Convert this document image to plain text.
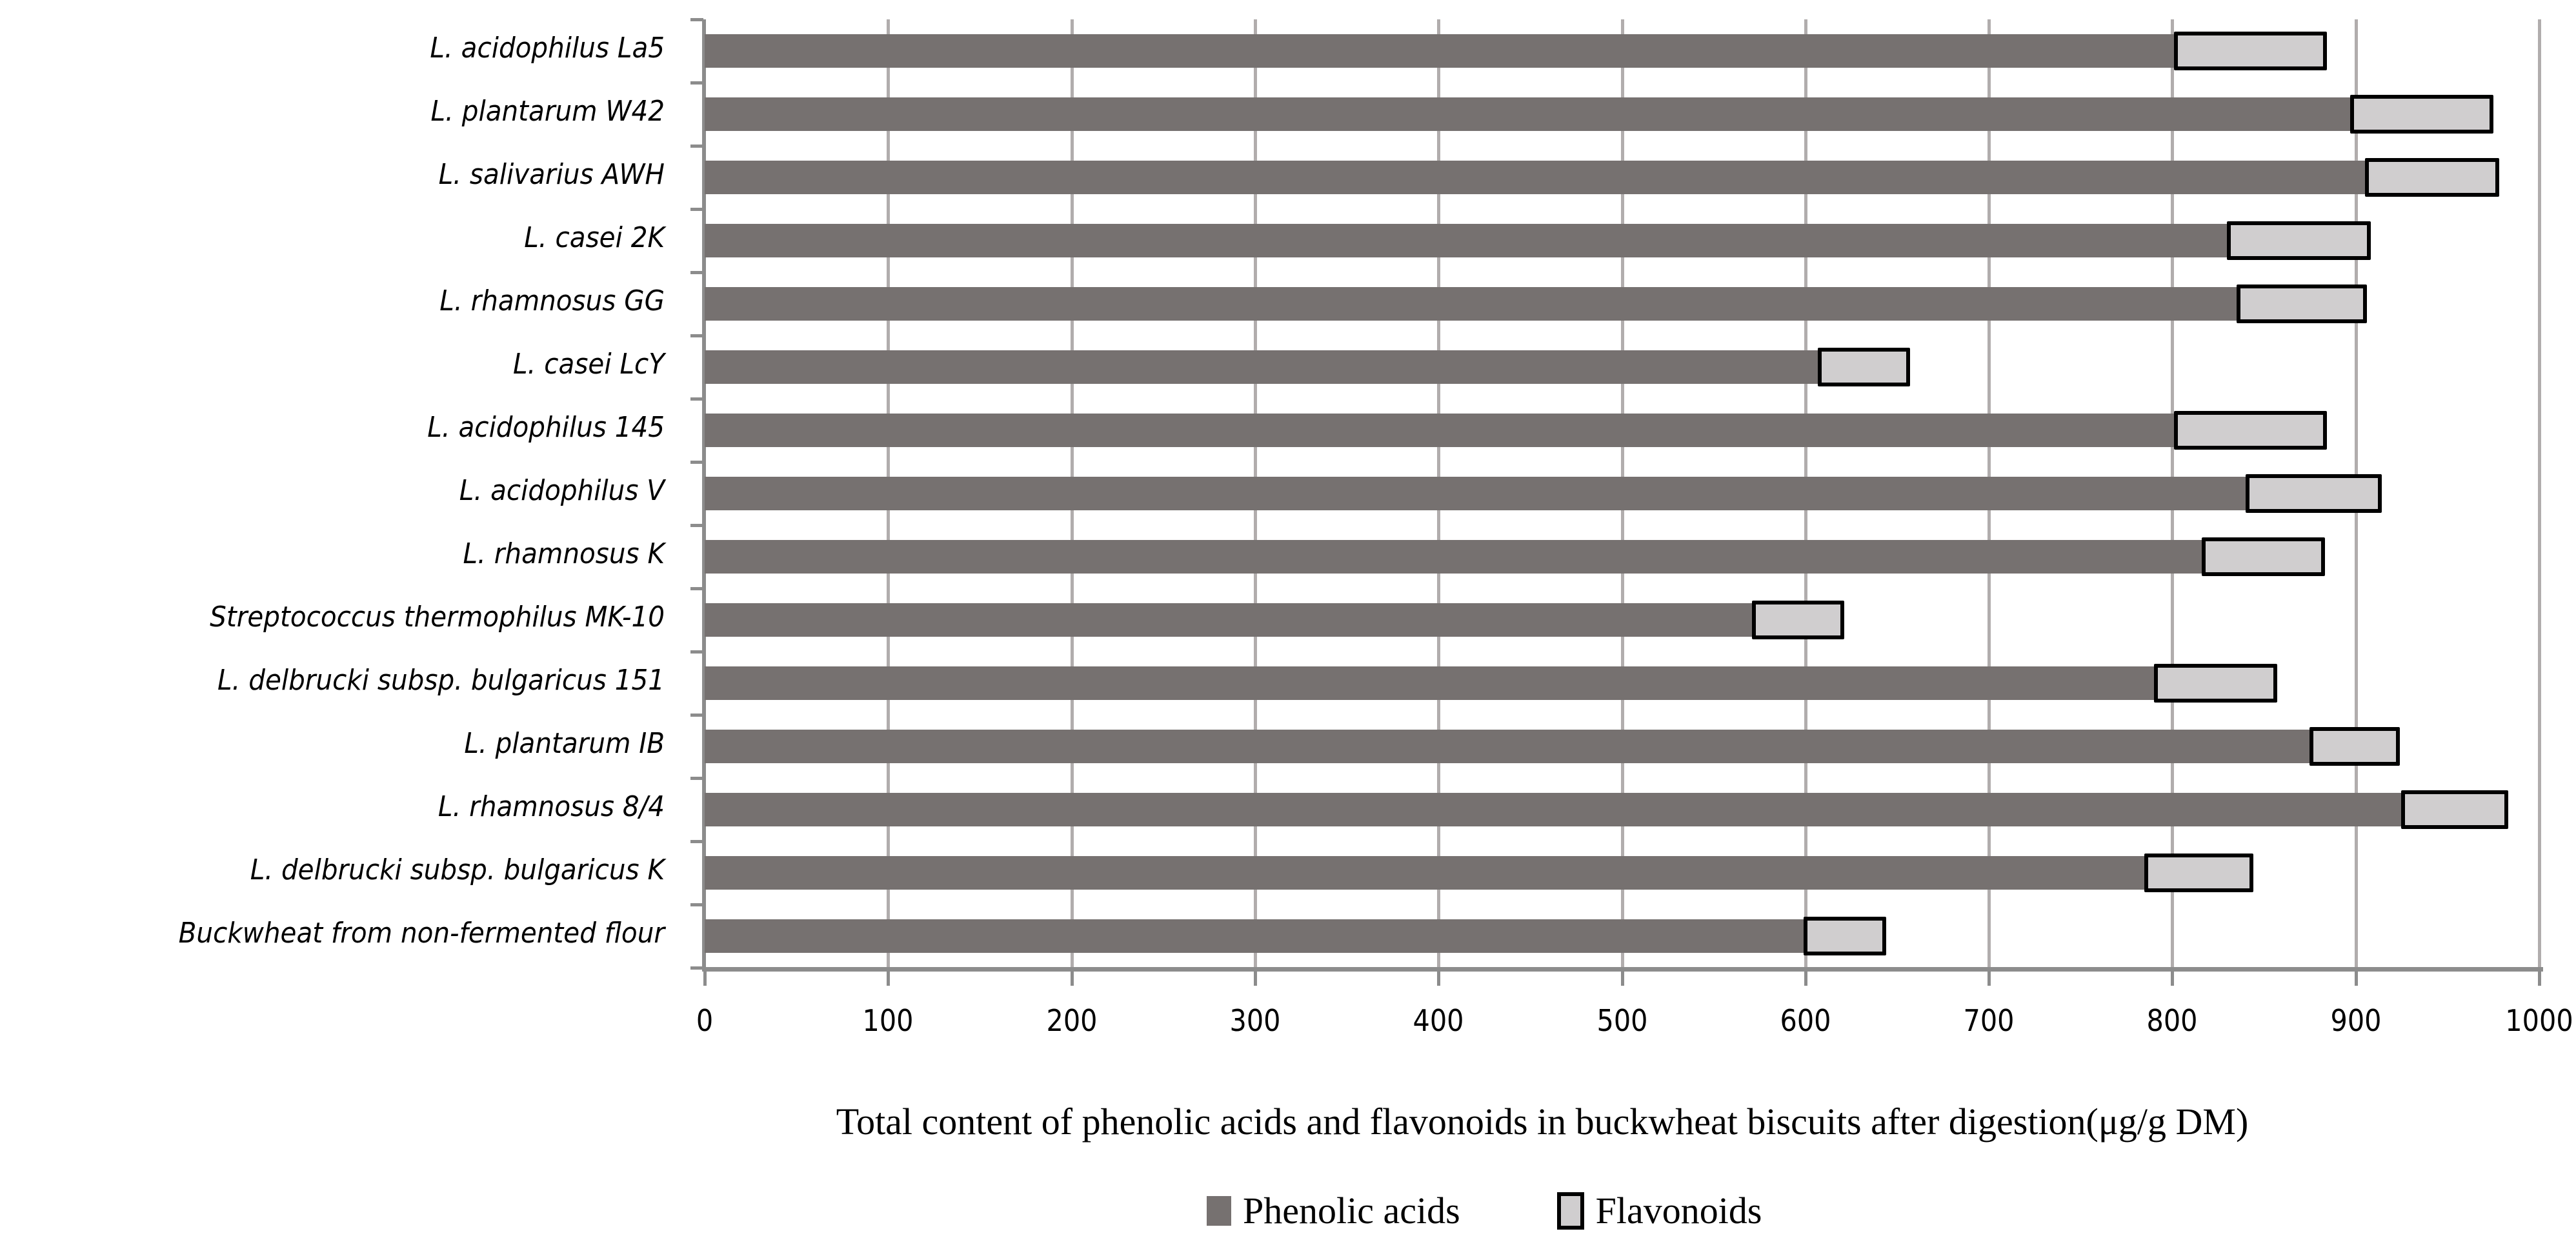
L. acidophilus La5
L. plantarum W42
L. salivarius AWH
L. casei 2K
L. rhamnosus GG
L. casei LcY
L. acidophilus 145
L. acidophilus V
L. rhamnosus K
Streptococcus thermophilus MK-10
L. delbrucki subsp. bulgaricus 151
L. plantarum IB
L. rhamnosus 8/4
L. delbrucki subsp. bulgaricus K
Buckwheat from non-fermented flour
0	100	200	300	400	500	600	700	800	900	1000
Total content of phenolic acids and flavonoids in buckwheat biscuits after digestion(μg/g DM)
Phenolic acids	Flavonoids
